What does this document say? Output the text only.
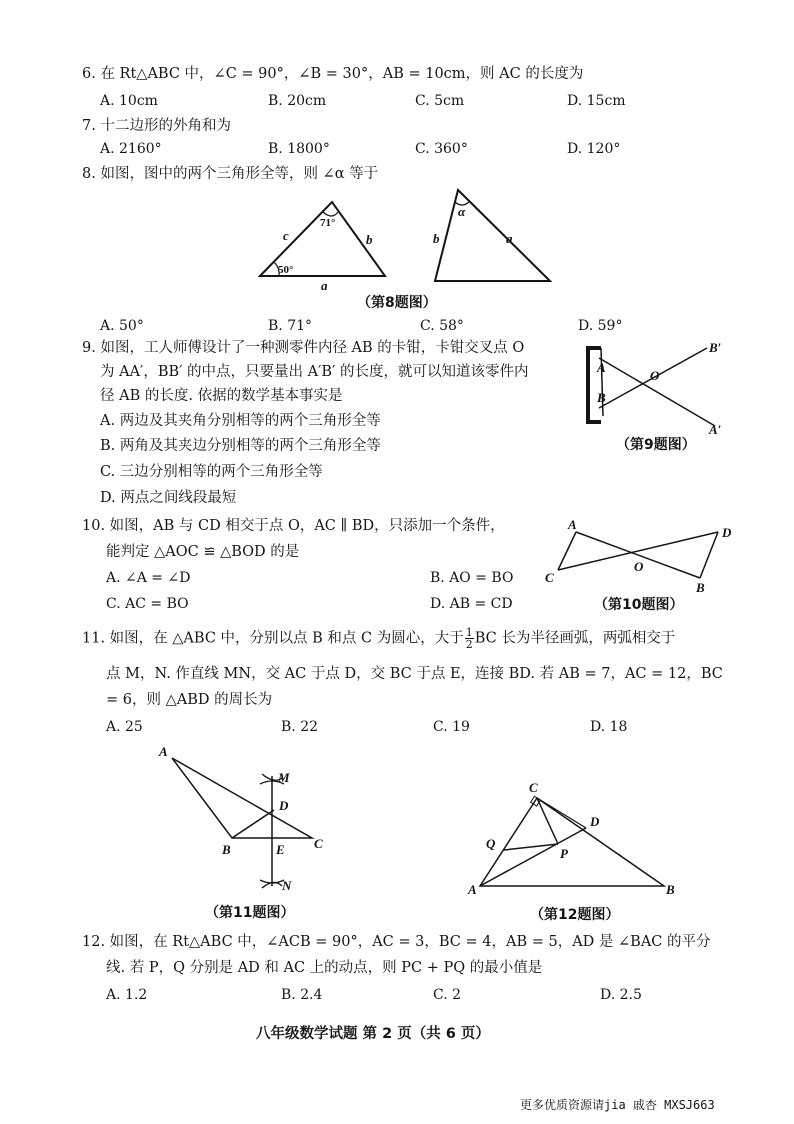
6. 在 Rt△ABC 中，∠C = 90°，∠B = 30°，AB = 10cm，则 AC 的长度为
A. 10cm	B. 20cm	C. 5cm	D. 15cm
7. 十二边形的外角和为
A. 2160°	B. 1800°	C. 360°	D. 120°
8. 如图，图中的两个三角形全等，则 ∠α 等于
71°
50°
c	b
a
α
b	a
（第8题图）
A. 50°	B. 71°	C. 58°	D. 59°
9. 如图，工人师傅设计了一种测零件内径 AB 的卡钳，卡钳交叉点 O
为 AA′，BB′ 的中点，只要量出 A′B′ 的长度，就可以知道该零件内
径 AB 的长度. 依据的数学基本事实是
A. 两边及其夹角分别相等的两个三角形全等
B. 两角及其夹边分别相等的两个三角形全等
C. 三边分别相等的两个三角形全等
D. 两点之间线段最短
A
B
O
B′
A′
（第9题图）
10. 如图，AB 与 CD 相交于点 O，AC ∥ BD，只添加一个条件，
能判定 △AOC ≌ △BOD 的是
A. ∠A = ∠D	B. AO = BO
C. AC = BO	D. AB = CD
A
C
O
D
B
（第10题图）
11. 如图，在 △ABC 中，分别以点 B 和点 C 为圆心，大于 $\frac{1}{2}$ BC 长为半径画弧，两弧相交于
点 M，N. 作直线 MN，交 AC 于点 D，交 BC 于点 E，连接 BD. 若 AB = 7，AC = 12，BC
= 6，则 △ABD 的周长为
A. 25	B. 22	C. 19	D. 18
A
M
D
B	E C
N
（第11题图）
C
D
Q
P
A	B
（第12题图）
12. 如图，在 Rt△ABC 中，∠ACB = 90°，AC = 3，BC = 4，AB = 5，AD 是 ∠BAC 的平分
线. 若 P，Q 分别是 AD 和 AC 上的动点，则 PC + PQ 的最小值是
A. 1.2	B. 2.4	C. 2	D. 2.5
八年级数学试题 第 2 页（共 6 页）
更多优质资源请jia 戚杏 MXSJ663
